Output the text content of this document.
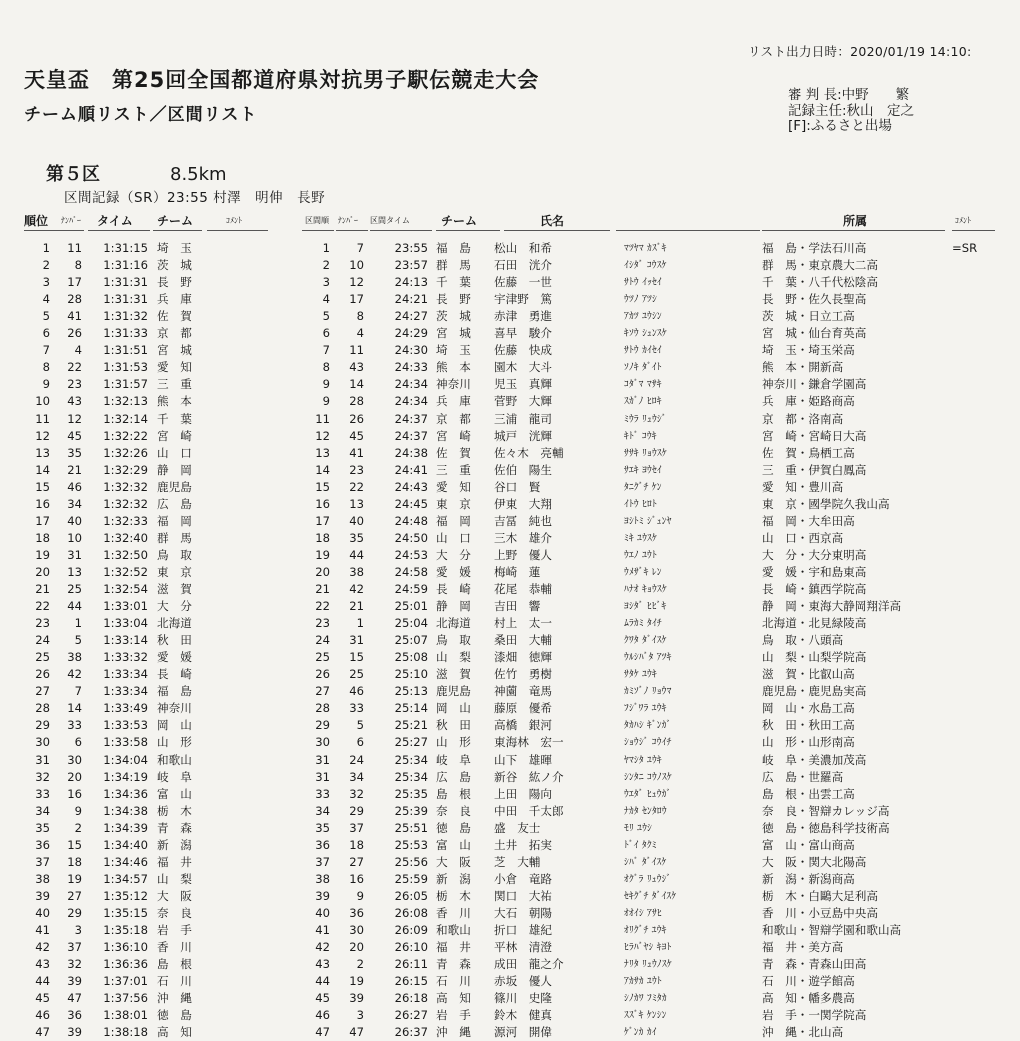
リスト出力日時：2020/01/19 14:10:
天皇盃 第25回全国都道府県対抗男子駅伝競走大会
チーム順リスト／区間リスト
審 判 長:中野　　繁
記録主任:秋山　定之
[F]:ふるさと出場
第５区	8.5km
区間記録（SR）23:55 村澤　明伸　長野
順位 ﾅﾝﾊﾞｰ タイム チーム	ｺﾒﾝﾄ	区間順 ﾅﾝﾊﾞｰ 区間タイム	チーム	氏名	所属	ｺﾒﾝﾄ
1	11	1:31:15 埼　玉
2	8	1:31:16 茨　城
3	17	1:31:31 長　野
4	28	1:31:31 兵　庫
5	41	1:31:32 佐　賀
6	26	1:31:33 京　都
7	4	1:31:51 宮　城
8	22	1:31:53 愛　知
9	23	1:31:57 三　重
10	43	1:32:13 熊　本
11	12	1:32:14 千　葉
12	45	1:32:22 宮　崎
13	35	1:32:26 山　口
14	21	1:32:29 静　岡
15	46	1:32:32 鹿児島
16	34	1:32:32 広　島
17	40	1:32:33 福　岡
18	10	1:32:40 群　馬
19	31	1:32:50 鳥　取
20	13	1:32:52 東　京
21	25	1:32:54 滋　賀
22	44	1:33:01 大　分
23	1	1:33:04 北海道
24	5	1:33:14 秋　田
25	38	1:33:32 愛　媛
26	42	1:33:34 長　崎
27	7	1:33:34 福　島
28	14	1:33:49 神奈川
29	33	1:33:53 岡　山
30	6	1:33:58 山　形
31	30	1:34:04 和歌山
32	20	1:34:19 岐　阜
33	16	1:34:36 富　山
34	9	1:34:38 栃　木
35	2	1:34:39 青　森
36	15	1:34:40 新　潟
37	18	1:34:46 福　井
38	19	1:34:57 山　梨
39	27	1:35:12 大　阪
40	29	1:35:15 奈　良
41	3	1:35:18 岩　手
42	37	1:36:10 香　川
43	32	1:36:36 島　根
44	39	1:37:01 石　川
45	47	1:37:56 沖　縄
46	36	1:38:01 徳　島
47	39	1:38:18 高　知
1	7	23:55 福　島 松山　和希	ﾏﾂﾔﾏ ｶｽﾞｷ	福　島・学法石川高	=SR
2	10	23:57 群　馬 石田　洸介	ｲｼﾀﾞ ｺｳｽｹ	群　馬・東京農大二高
3	12	24:13 千　葉 佐藤　一世	ｻﾄｳ ｲｯｾｲ	千　葉・八千代松陰高
4	17	24:21 長　野 宇津野　篤	ｳﾂﾉ ｱﾂｼ	長　野・佐久長聖高
5	8	24:27 茨　城 赤津　勇進	ｱｶﾂ ﾕｳｼﾝ	茨　城・日立工高
6	4	24:29 宮　城 喜早　駿介	ｷｿｳ ｼｭﾝｽｹ	宮　城・仙台育英高
7	11	24:30 埼　玉 佐藤　快成	ｻﾄｳ ｶｲｾｲ	埼　玉・埼玉栄高
8	43	24:33 熊　本 園木　大斗	ｿﾉｷ ﾀﾞｲﾄ	熊　本・開新高
9	14	24:34 神奈川 児玉　真輝	ｺﾀﾞﾏ ﾏｻｷ	神奈川・鎌倉学園高
9	28	24:34 兵　庫 菅野　大輝	ｽｶﾞﾉ ﾋﾛｷ	兵　庫・姫路商高
11	26	24:37 京　都 三浦　龍司	ﾐｳﾗ ﾘｭｳｼﾞ	京　都・洛南高
12	45	24:37 宮　崎 城戸　洸輝	ｷﾄﾞ ｺｳｷ	宮　崎・宮崎日大高
13	41	24:38 佐　賀 佐々木　亮輔	ｻｻｷ ﾘｮｳｽｹ	佐　賀・鳥栖工高
14	23	24:41 三　重 佐伯　陽生	ｻｴｷ ﾖｳｾｲ	三　重・伊賀白鳳高
15	22	24:43 愛　知 谷口　賢	ﾀﾆｸﾞﾁ ｹﾝ	愛　知・豊川高
16	13	24:45 東　京 伊東　大翔	ｲﾄｳ ﾋﾛﾄ	東　京・國學院久我山高
17	40	24:48 福　岡 吉冨　純也	ﾖｼﾄﾐ ｼﾞｭﾝﾔ	福　岡・大牟田高
18	35	24:50 山　口 三木　雄介	ﾐｷ ﾕｳｽｹ	山　口・西京高
19	44	24:53 大　分 上野　優人	ｳｴﾉ ﾕｳﾄ	大　分・大分東明高
20	38	24:58 愛　媛 梅崎　蓮	ｳﾒｻﾞｷ ﾚﾝ	愛　媛・宇和島東高
21	42	24:59 長　崎 花尾　恭輔	ﾊﾅｵ ｷｮｳｽｹ	長　崎・鎮西学院高
22	21	25:01 静　岡 吉田　響	ﾖｼﾀﾞ ﾋﾋﾞｷ	静　岡・東海大静岡翔洋高
23	1	25:04 北海道 村上　太一	ﾑﾗｶﾐ ﾀｲﾁ	北海道・北見緑陵高
24	31	25:07 鳥　取 桑田　大輔	ｸﾜﾀ ﾀﾞｲｽｹ	鳥　取・八頭高
25	15	25:08 山　梨 漆畑　徳輝	ｳﾙｼﾊﾞﾀ ｱﾂｷ	山　梨・山梨学院高
26	25	25:10 滋　賀 佐竹　勇樹	ｻﾀｹ ﾕｳｷ	滋　賀・比叡山高
27	46	25:13 鹿児島 神薗　竜馬	ｶﾐｿﾞﾉ ﾘｮｳﾏ	鹿児島・鹿児島実高
28	33	25:14 岡　山 藤原　優希	ﾌｼﾞﾜﾗ ﾕｳｷ	岡　山・水島工高
29	5	25:21 秋　田 高橋　銀河	ﾀｶﾊｼ ｷﾞﾝｶﾞ	秋　田・秋田工高
30	6	25:27 山　形 東海林　宏一	ｼｮｳｼﾞ ｺｳｲﾁ	山　形・山形南高
31	24	25:34 岐　阜 山下　雄暉	ﾔﾏｼﾀ ﾕｳｷ	岐　阜・美濃加茂高
31	34	25:34 広　島 新谷　紘ノ介	ｼﾝﾀﾆ ｺｳﾉｽｹ	広　島・世羅高
33	32	25:35 島　根 上田　陽向	ｳｴﾀﾞ ﾋｭｳｶﾞ	島　根・出雲工高
34	29	25:39 奈　良 中田　千太郎	ﾅｶﾀ ｾﾝﾀﾛｳ	奈　良・智辯カレッジ高
35	37	25:51 徳　島 盛　友士	ﾓﾘ ﾕｳｼ	徳　島・徳島科学技術高
36	18	25:53 富　山 土井　拓実	ﾄﾞｲ ﾀｸﾐ	富　山・富山商高
37	27	25:56 大　阪 芝　大輔	ｼﾊﾞ ﾀﾞｲｽｹ	大　阪・関大北陽高
38	16	25:59 新　潟 小倉　竜路	ｵｸﾞﾗ ﾘｭｳｼﾞ	新　潟・新潟商高
39	9	26:05 栃　木 関口　大祐	ｾｷｸﾞﾁ ﾀﾞｲｽｹ	栃　木・白鷗大足利高
40	36	26:08 香　川 大石　朝陽	ｵｵｲｼ ｱｻﾋ	香　川・小豆島中央高
41	30	26:09 和歌山 折口　雄紀	ｵﾘｸﾞﾁ ﾕｳｷ	和歌山・智辯学園和歌山高
42	20	26:10 福　井 平林　清澄	ﾋﾗﾊﾞﾔｼ ｷﾖﾄ	福　井・美方高
43	2	26:11 青　森 成田　龍之介	ﾅﾘﾀ ﾘｭｳﾉｽｹ	青　森・青森山田高
44	19	26:15 石　川 赤坂　優人	ｱｶｻｶ ﾕｳﾄ	石　川・遊学館高
45	39	26:18 高　知 篠川　史隆	ｼﾉｶﾜ ﾌﾐﾀｶ	高　知・幡多農高
46	3	26:27 岩　手 鈴木　健真	ｽｽﾞｷ ｹﾝｼﾝ	岩　手・一関学院高
47	47	26:37 沖　縄 源河　開偉	ｹﾞﾝｶ ｶｲ	沖　縄・北山高
